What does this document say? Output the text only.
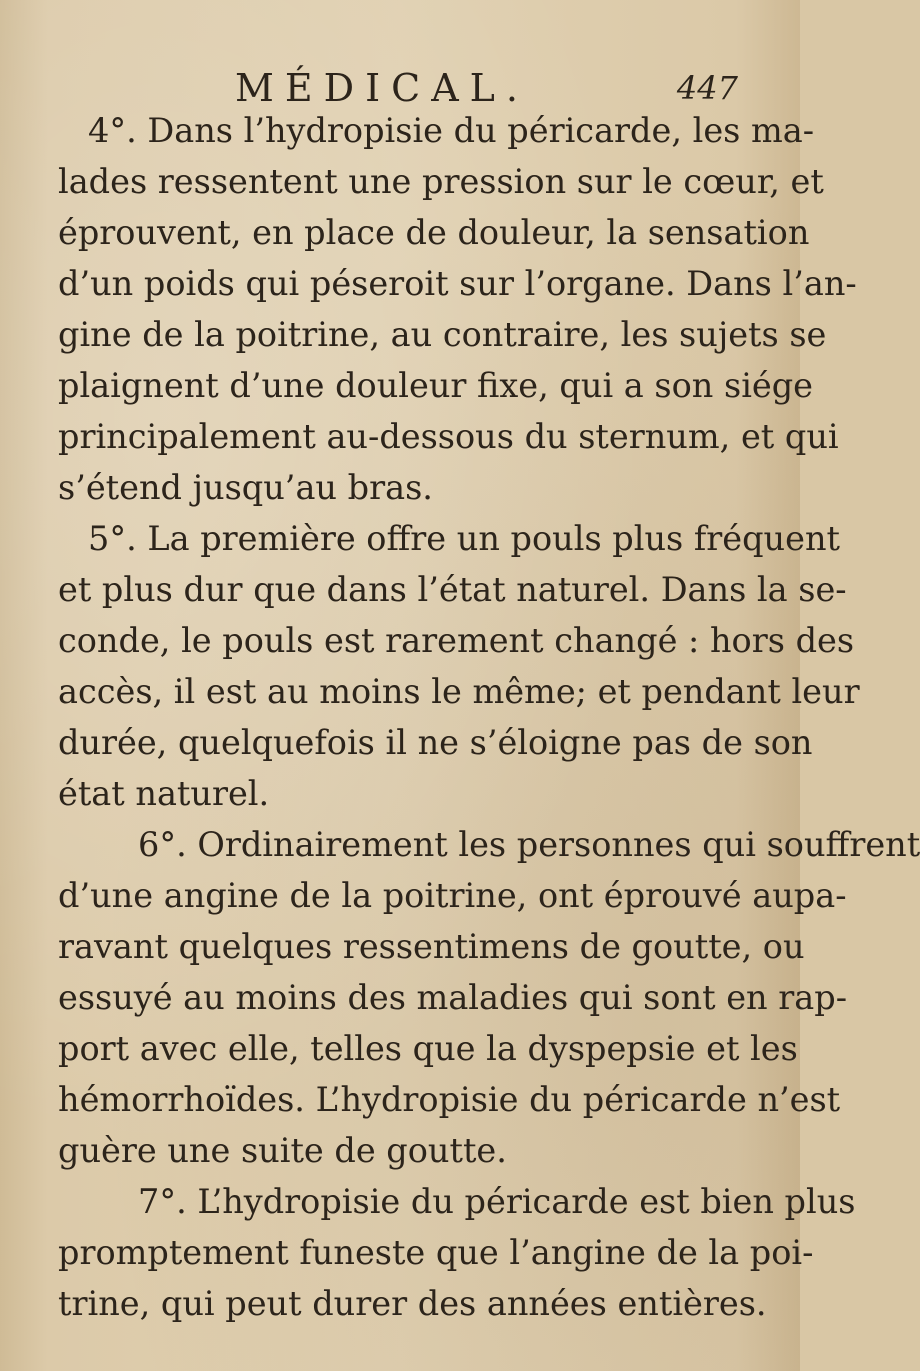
MÉDICAL.	447
4°. Dans l’hydropisie du péricarde, les ma-
lades ressentent une pression sur le cœur, et
éprouvent, en place de douleur, la sensation
d’un poids qui péseroit sur l’organe. Dans l’an-
gine de la poitrine, au contraire, les sujets se
plaignent d’une douleur fixe, qui a son siége
principalement au-dessous du sternum, et qui
s’étend jusqu’au bras.
5°. La première offre un pouls plus fréquent
et plus dur que dans l’état naturel. Dans la se-
conde, le pouls est rarement changé : hors des
accès, il est au moins le même; et pendant leur
durée, quelquefois il ne s’éloigne pas de son
état naturel.
6°. Ordinairement les personnes qui souffrent
d’une angine de la poitrine, ont éprouvé aupa-
ravant quelques ressentimens de goutte, ou
essuyé au moins des maladies qui sont en rap-
port avec elle, telles que la dyspepsie et les
hémorrhoïdes. L’hydropisie du péricarde n’est
guère une suite de goutte.
7°. L’hydropisie du péricarde est bien plus
promptement funeste que l’angine de la poi-
trine, qui peut durer des années entières.
